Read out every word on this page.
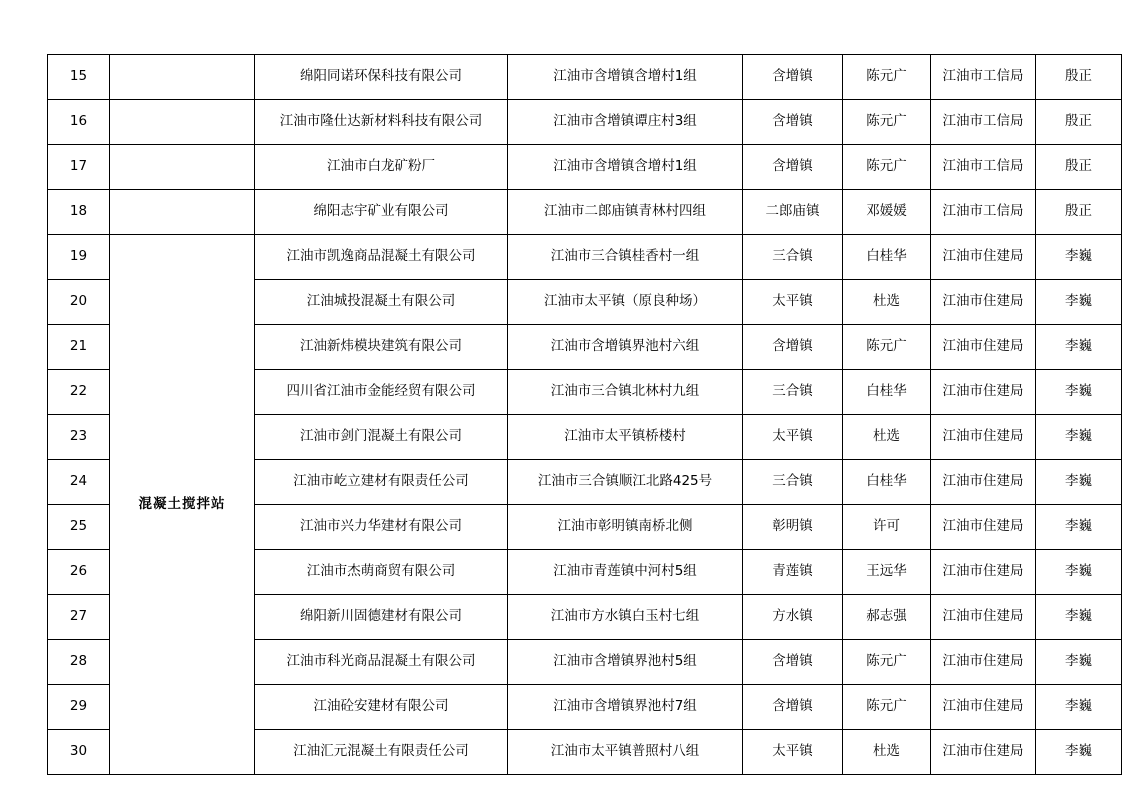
15		绵阳同诺环保科技有限公司	江油市含增镇含增村1组	含增镇	陈元广	江油市工信局	殷正
16		江油市隆仕达新材料科技有限公司	江油市含增镇谭庄村3组	含增镇	陈元广	江油市工信局	殷正
17		江油市白龙矿粉厂	江油市含增镇含增村1组	含增镇	陈元广	江油市工信局	殷正
18		绵阳志宇矿业有限公司	江油市二郎庙镇青林村四组	二郎庙镇	邓媛媛	江油市工信局	殷正
19	混凝土搅拌站	江油市凯逸商品混凝土有限公司	江油市三合镇桂香村一组	三合镇	白桂华	江油市住建局	李巍
20		江油城投混凝土有限公司	江油市太平镇（原良种场）	太平镇	杜选	江油市住建局	李巍
21		江油新炜模块建筑有限公司	江油市含增镇界池村六组	含增镇	陈元广	江油市住建局	李巍
22		四川省江油市金能经贸有限公司	江油市三合镇北林村九组	三合镇	白桂华	江油市住建局	李巍
23		江油市剑门混凝土有限公司	江油市太平镇桥楼村	太平镇	杜选	江油市住建局	李巍
24		江油市屹立建材有限责任公司	江油市三合镇顺江北路425号	三合镇	白桂华	江油市住建局	李巍
25		江油市兴力华建材有限公司	江油市彰明镇南桥北侧	彰明镇	许可	江油市住建局	李巍
26		江油市杰萌商贸有限公司	江油市青莲镇中河村5组	青莲镇	王远华	江油市住建局	李巍
27		绵阳新川固德建材有限公司	江油市方水镇白玉村七组	方水镇	郝志强	江油市住建局	李巍
28		江油市科光商品混凝土有限公司	江油市含增镇界池村5组	含增镇	陈元广	江油市住建局	李巍
29		江油砼安建材有限公司	江油市含增镇界池村7组	含增镇	陈元广	江油市住建局	李巍
30		江油汇元混凝土有限责任公司	江油市太平镇普照村八组	太平镇	杜选	江油市住建局	李巍
